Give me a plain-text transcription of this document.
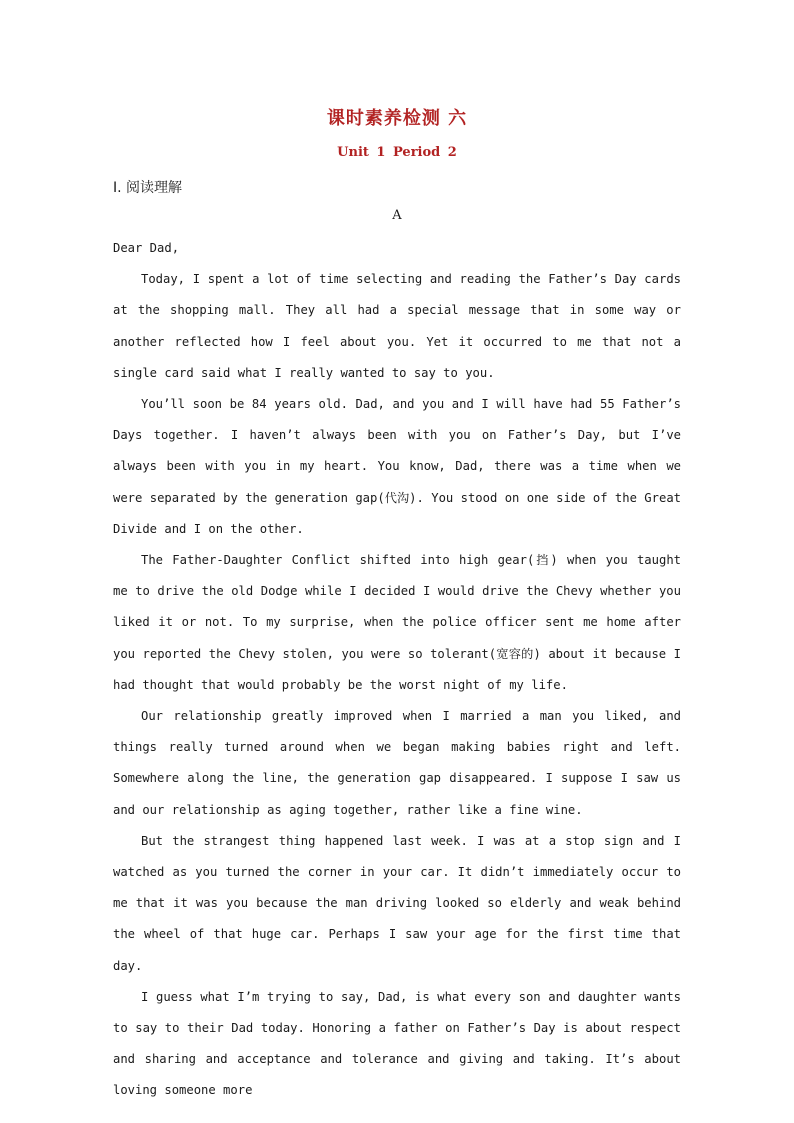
课时素养检测 六
Unit 1 Period 2
Ⅰ. 阅读理解
A

Dear Dad,

Today, I spent a lot of time selecting and reading the Father’s Day cards at the shopping mall. They all had a special message that in some way or another reflected how I feel about you. Yet it occurred to me that not a single card said what I really wanted to say to you.

You’ll soon be 84 years old. Dad, and you and I will have had 55 Father’s Days together. I haven’t always been with you on Father’s Day, but I’ve always been with you in my heart. You know, Dad, there was a time when we were separated by the generation gap(代沟). You stood on one side of the Great Divide and I on the other.

The Father-Daughter Conflict shifted into high gear(挡) when you taught me to drive the old Dodge while I decided I would drive the Chevy whether you liked it or not. To my surprise, when the police officer sent me home after you reported the Chevy stolen, you were so tolerant(宽容的) about it because I had thought that would probably be the worst night of my life.

Our relationship greatly improved when I married a man you liked, and things really turned around when we began making babies right and left. Somewhere along the line, the generation gap disappeared. I suppose I saw us and our relationship as aging together, rather like a fine wine.

But the strangest thing happened last week. I was at a stop sign and I watched as you turned the corner in your car. It didn’t immediately occur to me that it was you because the man driving looked so elderly and weak behind the wheel of that huge car. Perhaps I saw your age for the first time that day.

I guess what I’m trying to say, Dad, is what every son and daughter wants to say to their Dad today. Honoring a father on Father’s Day is about respect and sharing and acceptance and tolerance and giving and taking. It’s about loving someone more
